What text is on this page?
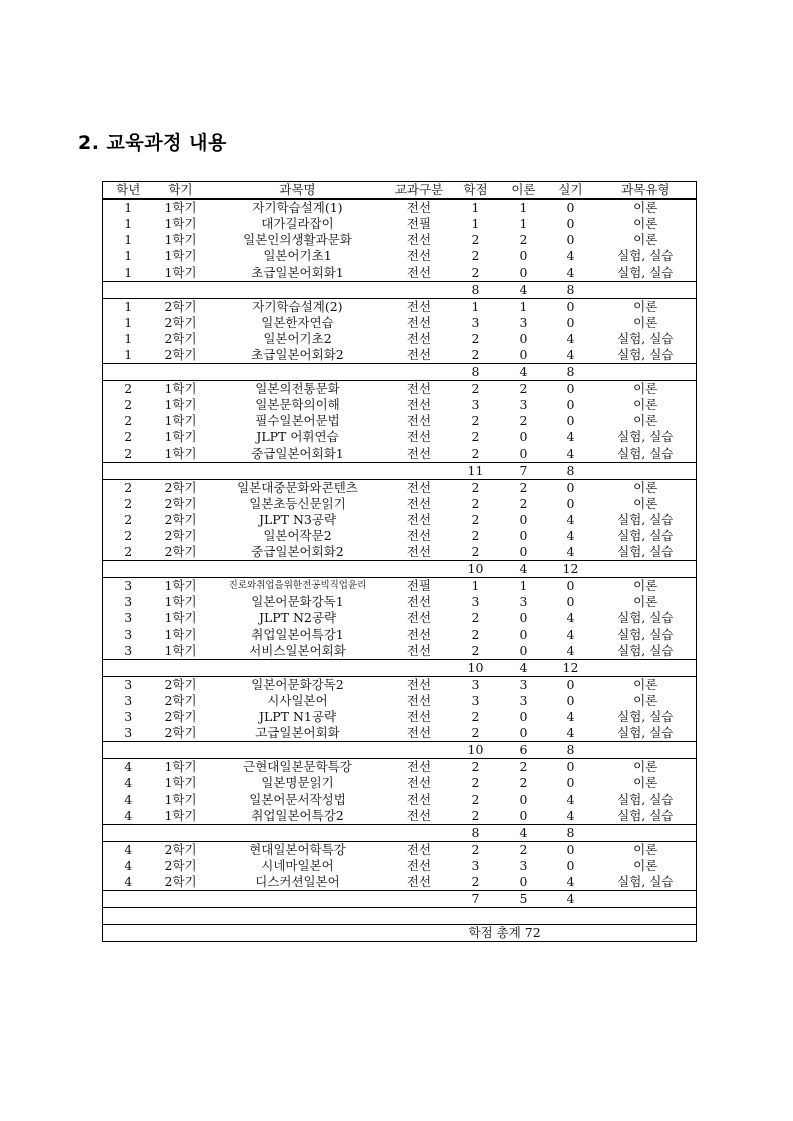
2. 교육과정 내용
학년	학기	과목명	교과구분	학점	이론	실기	과목유형
1	1학기	자기학습설계(1)	전선	1	1	0	이론
1	1학기	대가길라잡이	전필	1	1	0	이론
1	1학기	일본인의생활과문화	전선	2	2	0	이론
1	1학기	일본어기초1	전선	2	0	4	실험, 실습
1	1학기	초급일본어회화1	전선	2	0	4	실험, 실습
				8	4	8	
1	2학기	자기학습설계(2)	전선	1	1	0	이론
1	2학기	일본한자연습	전선	3	3	0	이론
1	2학기	일본어기초2	전선	2	0	4	실험, 실습
1	2학기	초급일본어회화2	전선	2	0	4	실험, 실습
				8	4	8	
2	1학기	일본의전통문화	전선	2	2	0	이론
2	1학기	일본문학의이해	전선	3	3	0	이론
2	1학기	필수일본어문법	전선	2	2	0	이론
2	1학기	JLPT 어휘연습	전선	2	0	4	실험, 실습
2	1학기	중급일본어회화1	전선	2	0	4	실험, 실습
				11	7	8	
2	2학기	일본대중문화와콘텐츠	전선	2	2	0	이론
2	2학기	일본초등신문읽기	전선	2	2	0	이론
2	2학기	JLPT N3공략	전선	2	0	4	실험, 실습
2	2학기	일본어작문2	전선	2	0	4	실험, 실습
2	2학기	중급일본어회화2	전선	2	0	4	실험, 실습
				10	4	12	
3	1학기	진로와취업을위한전공빅직업윤리	전필	1	1	0	이론
3	1학기	일본어문화강독1	전선	3	3	0	이론
3	1학기	JLPT N2공략	전선	2	0	4	실험, 실습
3	1학기	취업일본어특강1	전선	2	0	4	실험, 실습
3	1학기	서비스일본어회화	전선	2	0	4	실험, 실습
				10	4	12	
3	2학기	일본어문화강독2	전선	3	3	0	이론
3	2학기	시사일본어	전선	3	3	0	이론
3	2학기	JLPT N1공략	전선	2	0	4	실험, 실습
3	2학기	고급일본어회화	전선	2	0	4	실험, 실습
				10	6	8	
4	1학기	근현대일본문학특강	전선	2	2	0	이론
4	1학기	일본명문읽기	전선	2	2	0	이론
4	1학기	일본어문서작성법	전선	2	0	4	실험, 실습
4	1학기	취업일본어특강2	전선	2	0	4	실험, 실습
				8	4	8	
4	2학기	현대일본어학특강	전선	2	2	0	이론
4	2학기	시네마일본어	전선	3	3	0	이론
4	2학기	디스커션일본어	전선	2	0	4	실험, 실습
				7	5	4	

				학점 총계 72			
